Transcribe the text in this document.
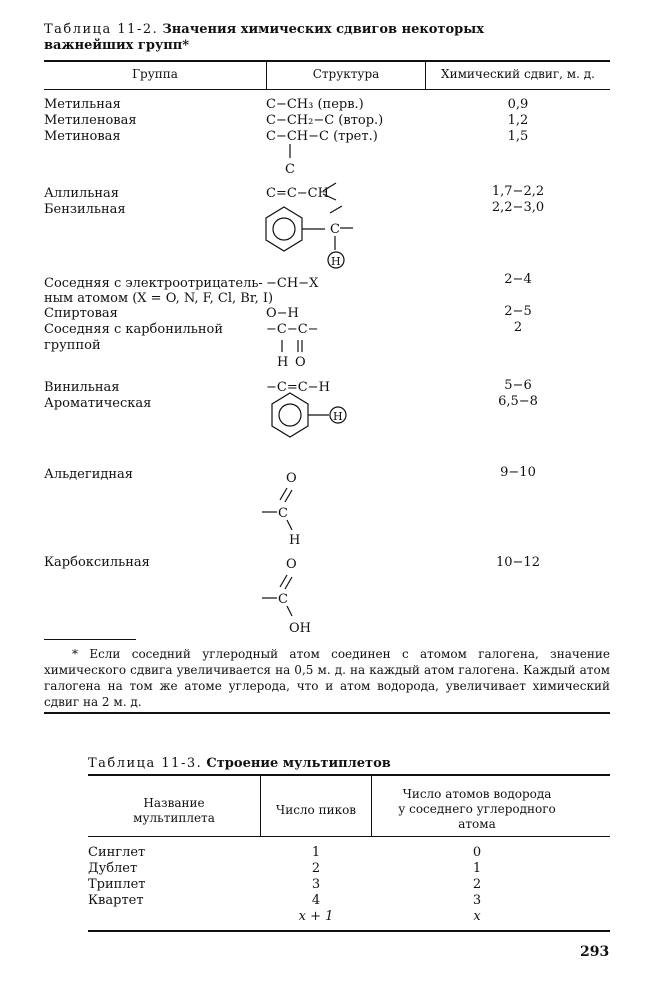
Таблица 11-2. Значения химических сдвигов некоторых
важнейших групп*
Группа	Структура	Химический сдвиг, м. д.
Метильная
Метиленовая
Метиновая
Аллильная
Бензильная
Соседняя с электроотрицатель-
ным атомом (X = O, N, F, Cl, Br, I)
Спиртовая
Соседняя с карбонильной
группой
Винильная
Ароматическая
Альдегидная
Карбоксильная
C−CH₃ (перв.)
C−CH₂−C (втор.)
C−CH−C (трет.)
C=C−CH
−CH−X
O−H
−C−C−
−C=C−H
0,9
1,2
1,5
1,7−2,2
2,2−3,0
2−4
2−5
2
5−6
6,5−8
9−10
10−12
C
C
H
H O
H
O
C
H
O
C
OH
* Если соседний углеродный атом соединен с атомом галогена, значение химического сдвига увеличивается на 0,5 м. д. на каждый атом галогена. Каждый атом галогена на том же атоме углерода, что и атом водорода, увеличивает химический сдвиг на 2 м. д.
Таблица 11-3. Строение мультиплетов
Название
мультиплета
Число пиков
Число атомов водорода
у соседнего углеродного
атома
Синглет
Дублет
Триплет
Квартет
1
2
3
4
x + 1
0
1
2
3
x
293
